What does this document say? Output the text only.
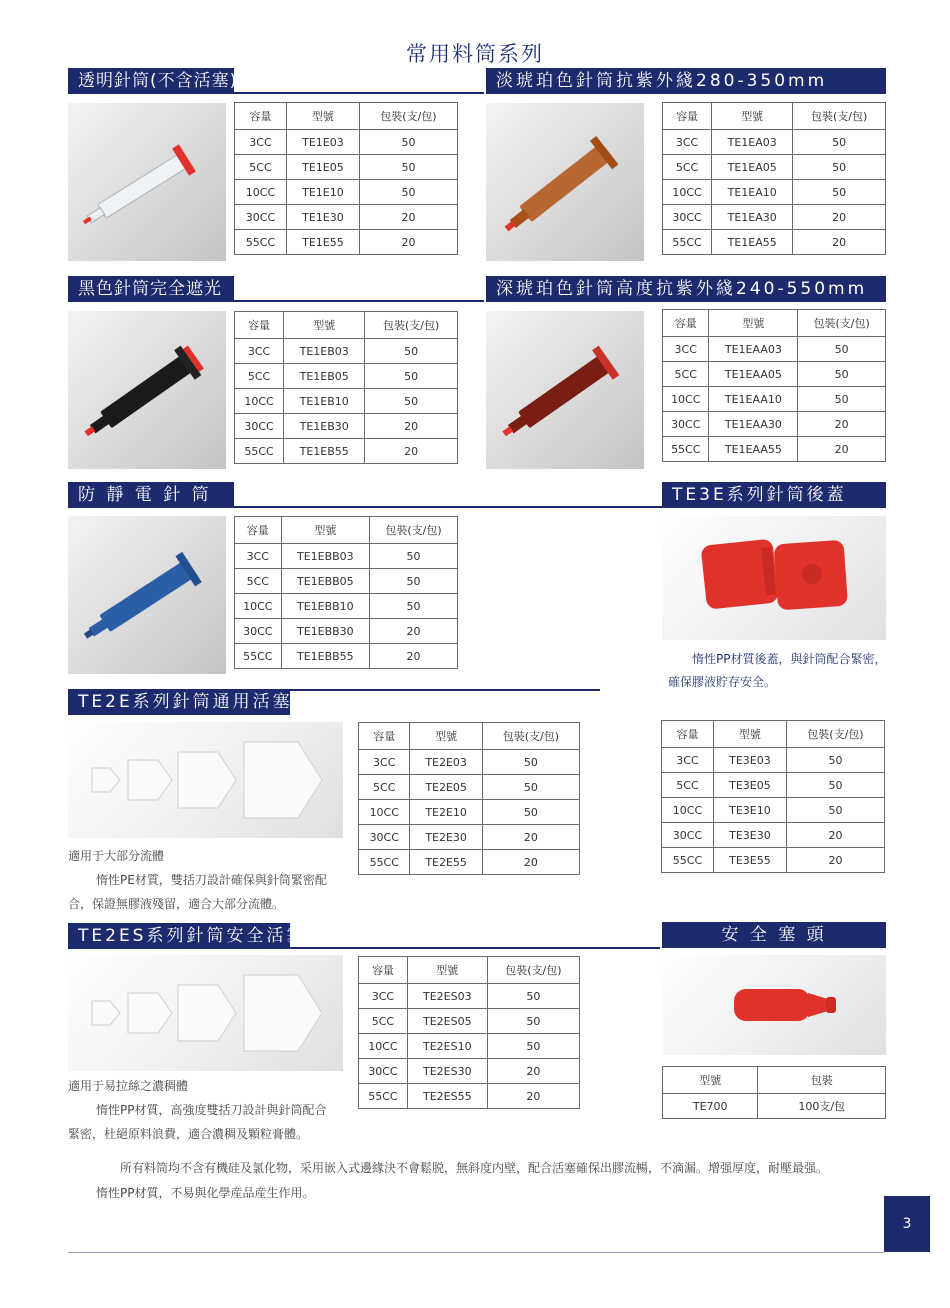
常用料筒系列
透明針筒(不含活塞)
容量	型號	包裝(支/包)
3CC	TE1E03	50
5CC	TE1E05	50
10CC	TE1E10	50
30CC	TE1E30	20
55CC	TE1E55	20
淡琥珀色針筒抗紫外綫280-350mm
容量	型號	包裝(支/包)
3CC	TE1EA03	50
5CC	TE1EA05	50
10CC	TE1EA10	50
30CC	TE1EA30	20
55CC	TE1EA55	20
黑色針筒完全遮光
容量	型號	包裝(支/包)
3CC	TE1EB03	50
5CC	TE1EB05	50
10CC	TE1EB10	50
30CC	TE1EB30	20
55CC	TE1EB55	20
深琥珀色針筒高度抗紫外綫240-550mm
容量	型號	包裝(支/包)
3CC	TE1EAA03	50
5CC	TE1EAA05	50
10CC	TE1EAA10	50
30CC	TE1EAA30	20
55CC	TE1EAA55	20
防 靜 電 針 筒
容量	型號	包裝(支/包)
3CC	TE1EBB03	50
5CC	TE1EBB05	50
10CC	TE1EBB10	50
30CC	TE1EBB30	20
55CC	TE1EBB55	20
TE3E系列針筒後蓋
惰性PP材質後蓋，與針筒配合緊密，
確保膠液貯存安全。
容量	型號	包裝(支/包)
3CC	TE3E03	50
5CC	TE3E05	50
10CC	TE3E10	50
30CC	TE3E30	20
55CC	TE3E55	20
TE2E系列針筒通用活塞
適用于大部分流體
惰性PE材質，雙括刀設計確保與針筒緊密配
合，保證無膠液殘留，適合大部分流體。
容量	型號	包裝(支/包)
3CC	TE2E03	50
5CC	TE2E05	50
10CC	TE2E10	50
30CC	TE2E30	20
55CC	TE2E55	20
TE2ES系列針筒安全活塞
適用于易拉絲之濃稠體
惰性PP材質，高強度雙括刀設計與針筒配合
緊密，杜絕原料浪費，適合濃稠及顆粒膏體。
容量	型號	包裝(支/包)
3CC	TE2ES03	50
5CC	TE2ES05	50
10CC	TE2ES10	50
30CC	TE2ES30	20
55CC	TE2ES55	20
安 全 塞 頭
型號	包裝
TE700	100支/包
所有料筒均不含有機硅及氯化物，采用嵌入式邊緣決不會鬆脱，無斜度内壁，配合活塞確保出膠流暢，不滴漏。增强厚度，耐壓最强。
惰性PP材質，不易與化學産品産生作用。
3
